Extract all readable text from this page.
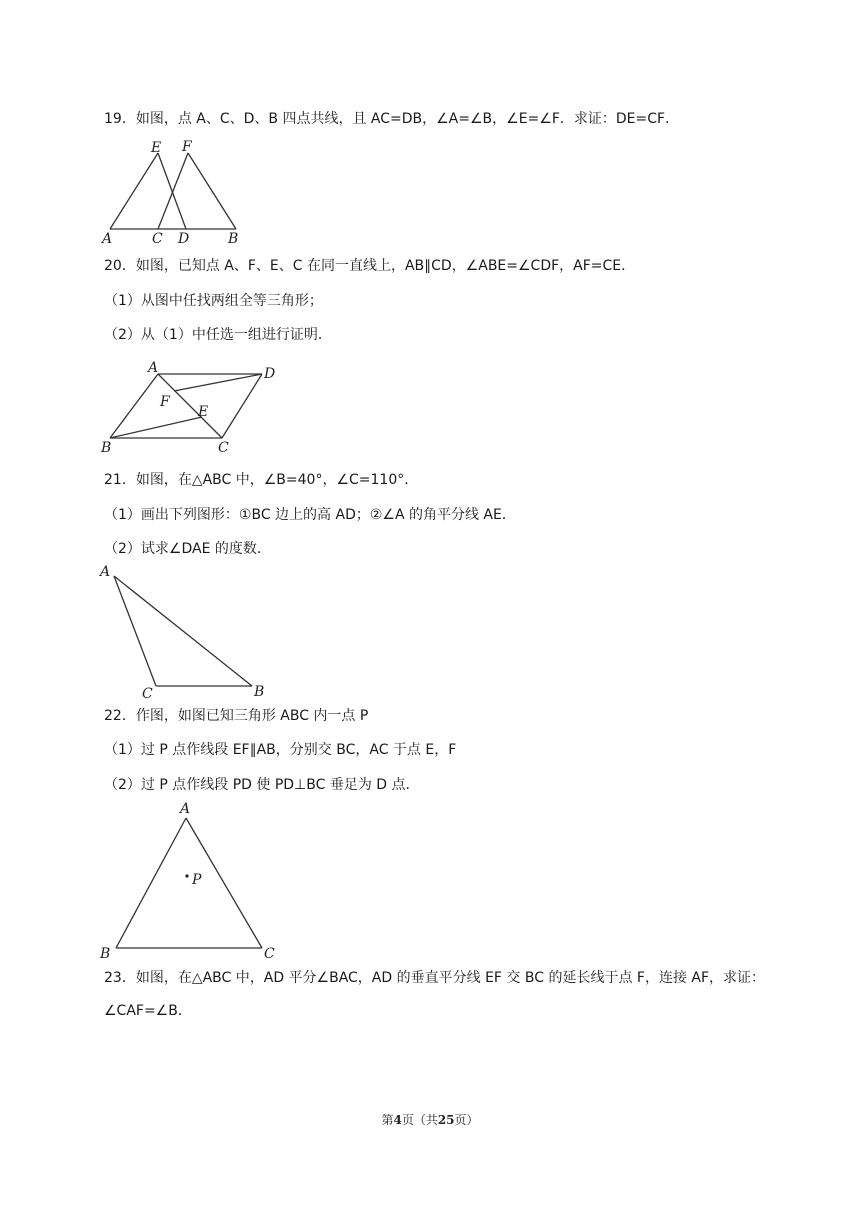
19．如图，点 A、C、D、B 四点共线，且 AC=DB，∠A=∠B，∠E=∠F．求证：DE=CF．
A	C D	B
E F
20．如图，已知点 A、F、E、C 在同一直线上，AB∥CD，∠ABE=∠CDF，AF=CE．
（1）从图中任找两组全等三角形；
（2）从（1）中任选一组进行证明．
A	D
F
E
B	C
21．如图，在△ABC 中，∠B=40°，∠C=110°．
（1）画出下列图形：①BC 边上的高 AD；②∠A 的角平分线 AE．
（2）试求∠DAE 的度数．
A
C	B
22．作图，如图已知三角形 ABC 内一点 P
（1）过 P 点作线段 EF∥AB，分别交 BC，AC 于点 E，F
（2）过 P 点作线段 PD 使 PD⊥BC 垂足为 D 点．
A
P
B	C
23．如图，在△ABC 中，AD 平分∠BAC，AD 的垂直平分线 EF 交 BC 的延长线于点 F，连接 AF，求证：
∠CAF=∠B．
第4页（共25页）
